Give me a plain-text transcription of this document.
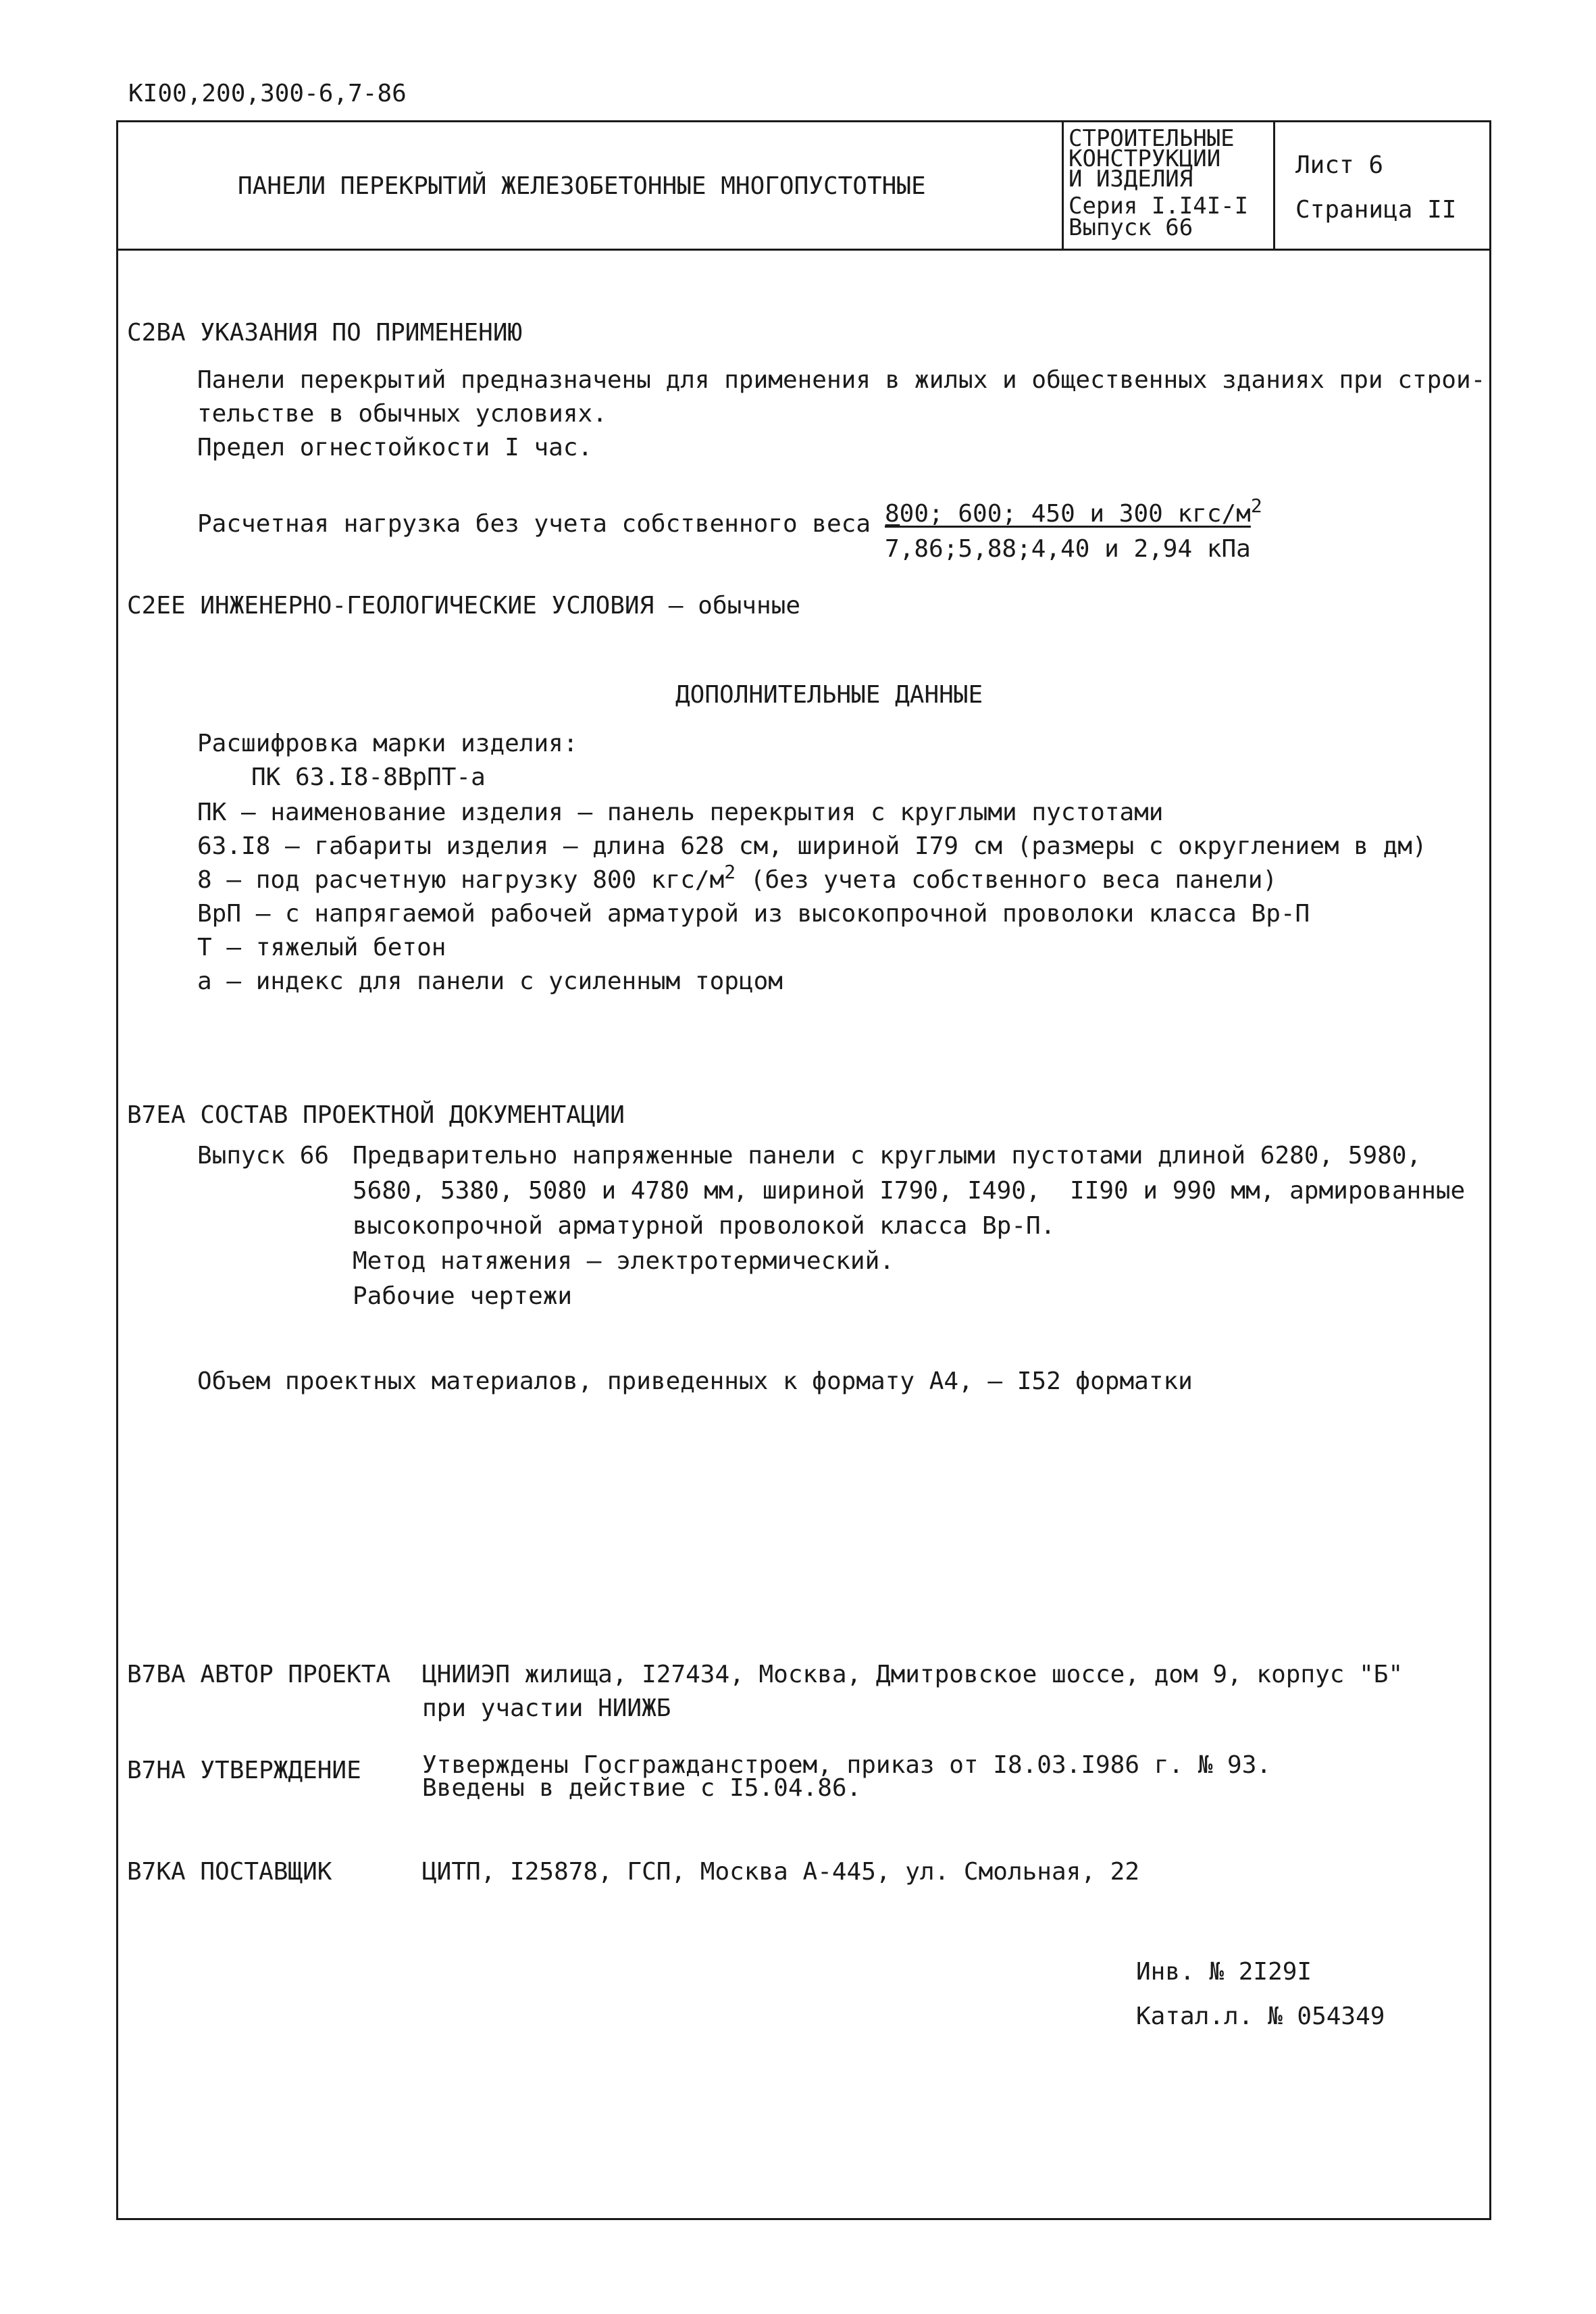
КI00,200,300-6,7-86
ПАНЕЛИ ПЕРЕКРЫТИЙ ЖЕЛЕЗОБЕТОННЫЕ МНОГОПУСТОТНЫЕ
СТРОИТЕЛЬНЫЕ
КОНСТРУКЦИИ
И ИЗДЕЛИЯ
Серия I.I4I-I
Выпуск 66
Лист 6
Страница II
С2ВА УКАЗАНИЯ ПО ПРИМЕНЕНИЮ
Панели перекрытий предназначены для применения в жилых и общественных зданиях при строи-
тельстве в обычных условиях.
Предел огнестойкости I час.
Расчетная нагрузка без учета собственного веса –
800; 600; 450 и 300 кгс/$м^2$
7,86;5,88;4,40 и 2,94 кПа
С2ЕЕ ИНЖЕНЕРНО-ГЕОЛОГИЧЕСКИЕ УСЛОВИЯ – обычные
ДОПОЛНИТЕЛЬНЫЕ ДАННЫЕ
Расшифровка марки изделия:
ПК 63.I8-8ВрПТ-а
ПК – наименование изделия – панель перекрытия с круглыми пустотами
63.I8 – габариты изделия – длина 628 см, шириной I79 см (размеры с округлением в дм)
8 – под расчетную нагрузку 800 кгс/$м^2$ (без учета собственного веса панели)
ВрП – с напрягаемой рабочей арматурой из высокопрочной проволоки класса Вр-П
Т – тяжелый бетон
а – индекс для панели с усиленным торцом
В7ЕА СОСТАВ ПРОЕКТНОЙ ДОКУМЕНТАЦИИ
Выпуск 66 Предварительно напряженные панели с круглыми пустотами длиной 6280, 5980,
5680, 5380, 5080 и 4780 мм, шириной I790, I490,  II90 и 990 мм, армированные
высокопрочной арматурной проволокой класса Вр-П.
Метод натяжения – электротермический.
Рабочие чертежи
Объем проектных материалов, приведенных к формату А4, – I52 форматки
В7ВА АВТОР ПРОЕКТА ЦНИИЭП жилища, I27434, Москва, Дмитровское шоссе, дом 9, корпус "Б"
при участии НИИЖБ
В7НА УТВЕРЖДЕНИЕ	Утверждены Госгражданстроем, приказ от I8.03.I986 г. № 93.
Введены в действие с I5.04.86.
В7КА ПОСТАВЩИК	ЦИТП, I25878, ГСП, Москва А-445, ул. Смольная, 22
Инв. № 2I29I
Катал.л. № 054349
